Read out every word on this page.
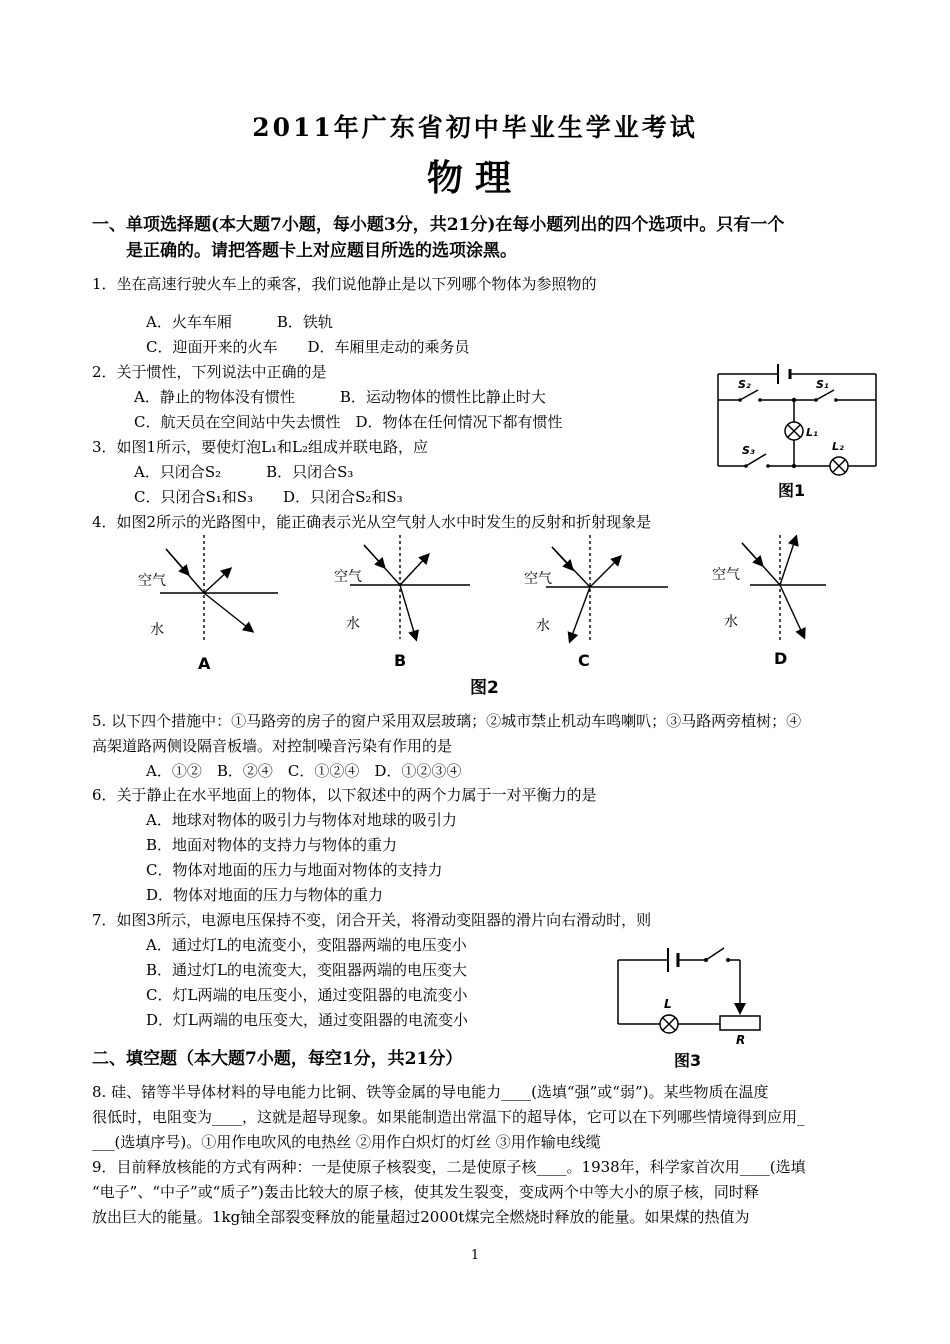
2011年广东省初中毕业生学业考试
物理
一、单项选择题(本大题7小题，每小题3分，共21分)在每小题列出的四个选项中。只有一个
是正确的。请把答题卡上对应题目所选的选项涂黑。
1．坐在高速行驶火车上的乘客，我们说他静止是以下列哪个物体为参照物的
A．火车车厢　　　B．铁轨
C．迎面开来的火车　　D．车厢里走动的乘务员
2．关于惯性，下列说法中正确的是
A．静止的物体没有惯性　　　B．运动物体的惯性比静止时大
C．航天员在空间站中失去惯性　D．物体在任何情况下都有惯性
3．如图1所示，要使灯泡L₁和L₂组成并联电路，应
A．只闭合S₂　　　B．只闭合S₃
C．只闭合S₁和S₃　　D．只闭合S₂和S₃
S₂	S₁
S₃
L₁
L₂
图1
4．如图2所示的光路图中，能正确表示光从空气射人水中时发生的反射和折射现象是
空气
水
空气
水
空气
水
空气
水
A	B	C	D
图2
5. 以下四个措施中：①马路旁的房子的窗户采用双层玻璃；②城市禁止机动车鸣喇叭；③马路两旁植树；④
高架道路两侧设隔音板墙。对控制噪音污染有作用的是
A．①②　B．②④　C．①②④　D．①②③④
6．关于静止在水平地面上的物体，以下叙述中的两个力属于一对平衡力的是
A．地球对物体的吸引力与物体对地球的吸引力
B．地面对物体的支持力与物体的重力
C．物体对地面的压力与地面对物体的支持力
D．物体对地面的压力与物体的重力
7．如图3所示，电源电压保持不变，闭合开关，将滑动变阻器的滑片向右滑动时，则
A．通过灯L的电流变小，变阻器两端的电压变小
B．通过灯L的电流变大，变阻器两端的电压变大
C．灯L两端的电压变小，通过变阻器的电流变小
D．灯L两端的电压变大，通过变阻器的电流变小
L
R
图3
二、填空题（本大题7小题，每空1分，共21分）
8. 硅、锗等半导体材料的导电能力比铜、铁等金属的导电能力____(选填“强”或“弱”)。某些物质在温度
很低时，电阻变为____，这就是超导现象。如果能制造出常温下的超导体，它可以在下列哪些情境得到应用_
___(选填序号)。①用作电吹风的电热丝 ②用作白炽灯的灯丝 ③用作输电线缆
9．目前释放核能的方式有两种：一是使原子核裂变，二是使原子核____。1938年，科学家首次用____(选填
“电子”、“中子”或“质子”)轰击比较大的原子核，使其发生裂变，变成两个中等大小的原子核，同时释
放出巨大的能量。1kg铀全部裂变释放的能量超过2000t煤完全燃烧时释放的能量。如果煤的热值为
1
